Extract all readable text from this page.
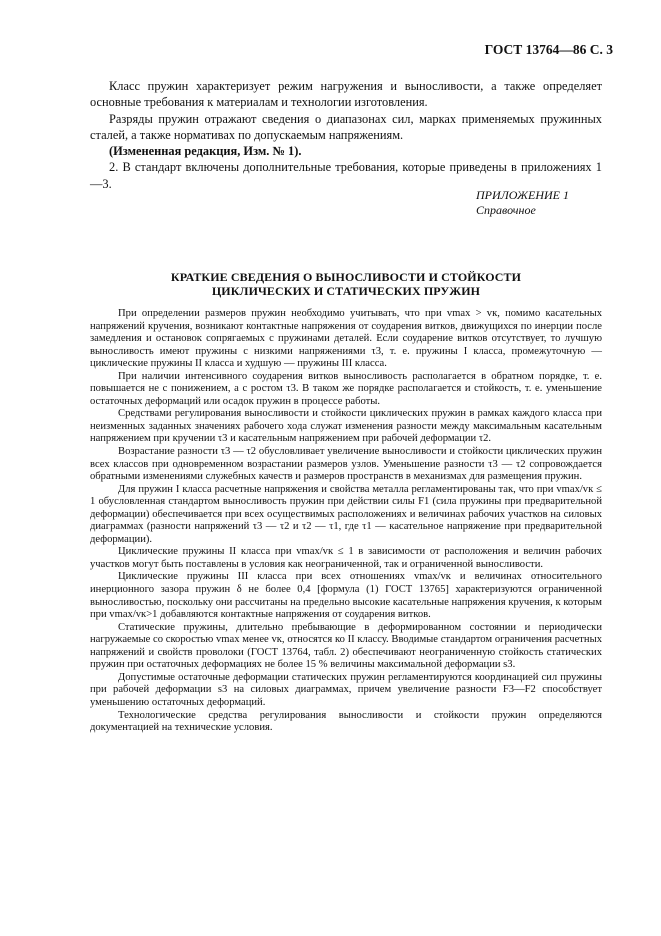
ГОСТ 13764—86 С. 3

Класс пружин характеризует режим нагружения и выносливости, а также определяет основные требования к материалам и технологии изготовления.

Разряды пружин отражают сведения о диапазонах сил, марках применяемых пружинных сталей, а также нормативах по допускаемым напряжениям.

(Измененная редакция, Изм. № 1).

2. В стандарт включены дополнительные требования, которые приведены в приложениях 1—3.

ПРИЛОЖЕНИЕ 1
Справочное
КРАТКИЕ СВЕДЕНИЯ О ВЫНОСЛИВОСТИ И СТОЙКОСТИ
ЦИКЛИЧЕСКИХ И СТАТИЧЕСКИХ ПРУЖИН

При определении размеров пружин необходимо учитывать, что при vmax > vк, помимо касательных напряжений кручения, возникают контактные напряжения от соударения витков, движущихся по инерции после замедления и остановок сопрягаемых с пружинами деталей. Если соударение витков отсутствует, то лучшую выносливость имеют пружины с низкими напряжениями τ3, т. е. пружины I класса, промежуточную — циклические пружины II класса и худшую — пружины III класса.

При наличии интенсивного соударения витков выносливость располагается в обратном порядке, т. е. повышается не с понижением, а с ростом τ3. В таком же порядке располагается и стойкость, т. е. уменьшение остаточных деформаций или осадок пружин в процессе работы.

Средствами регулирования выносливости и стойкости циклических пружин в рамках каждого класса при неизменных заданных значениях рабочего хода служат изменения разности между максимальным касательным напряжением при кручении τ3 и касательным напряжением при рабочей деформации τ2.

Возрастание разности τ3 — τ2 обусловливает увеличение выносливости и стойкости циклических пружин всех классов при одновременном возрастании размеров узлов. Уменьшение разности τ3 — τ2 сопровождается обратными изменениями служебных качеств и размеров пространств в механизмах для размещения пружин.

Для пружин I класса расчетные напряжения и свойства металла регламентированы так, что при vmax/vк ≤ 1 обусловленная стандартом выносливость пружин при действии силы F1 (сила пружины при предварительной деформации) обеспечивается при всех осуществимых расположениях и величинах рабочих участков на силовых диаграммах (разности напряжений τ3 — τ2 и τ2 — τ1, где τ1 — касательное напряжение при предварительной деформации).

Циклические пружины II класса при vmax/vк ≤ 1 в зависимости от расположения и величин рабочих участков могут быть поставлены в условия как неограниченной, так и ограниченной выносливости.

Циклические пружины III класса при всех отношениях vmax/vк и величинах относительного инерционного зазора пружин δ не более 0,4 [формула (1) ГОСТ 13765] характеризуются ограниченной выносливостью, поскольку они рассчитаны на предельно высокие касательные напряжения кручения, к которым при vmax/vк>1 добавляются контактные напряжения от соударения витков.

Статические пружины, длительно пребывающие в деформированном состоянии и периодически нагружаемые со скоростью vmax менее vк, относятся ко II классу. Вводимые стандартом ограничения расчетных напряжений и свойств проволоки (ГОСТ 13764, табл. 2) обеспечивают неограниченную стойкость статических пружин при остаточных деформациях не более 15 % величины максимальной деформации s3.

Допустимые остаточные деформации статических пружин регламентируются координацией сил пружины при рабочей деформации s3 на силовых диаграммах, причем увеличение разности F3—F2 способствует уменьшению остаточных деформаций.

Технологические средства регулирования выносливости и стойкости пружин определяются документацией на технические условия.
